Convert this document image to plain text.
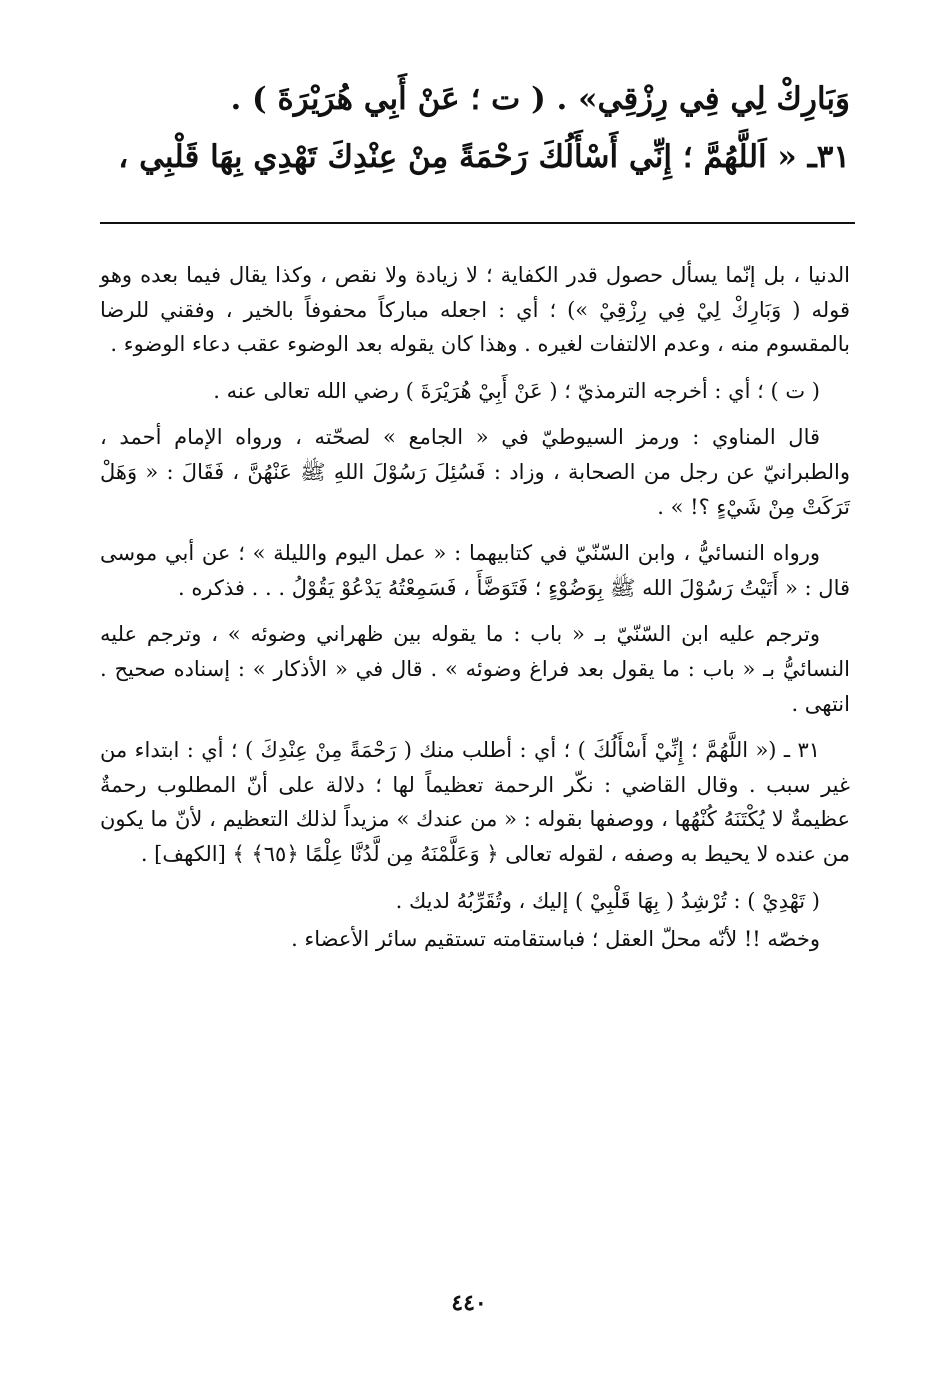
وَبَارِكْ لِي فِي رِزْقِي» . ( ت ؛ عَنْ أَبِي هُرَيْرَةَ ) .
٣١ـ « اَللَّهُمَّ ؛ إِنِّي أَسْأَلُكَ رَحْمَةً مِنْ عِنْدِكَ تَهْدِي بِهَا قَلْبِي ،

الدنيا ، بل إنّما يسأل حصول قدر الكفاية ؛ لا زيادة ولا نقص ، وكذا يقال فيما بعده وهو قوله ( وَبَارِكْ لِيْ فِي رِزْقِيْ ») ؛ أي : اجعله مباركاً محفوفاً بالخير ، وفقني للرضا بالمقسوم منه ، وعدم الالتفات لغيره . وهذا كان يقوله بعد الوضوء عقب دعاء الوضوء .

( ت ) ؛ أي : أخرجه الترمذيّ ؛ ( عَنْ أَبِيْ هُرَيْرَةَ ) رضي الله تعالى عنه .

قال المناوي : ورمز السيوطيّ في « الجامع » لصحّته ، ورواه الإمام أحمد ، والطبرانيّ عن رجل من الصحابة ، وزاد : فَسُئِلَ رَسُوْلَ اللهِ ﷺ عَنْهُنَّ ، فَقَالَ : « وَهَلْ تَرَكَتْ مِنْ شَيْءٍ ؟! » .

ورواه النسائيُّ ، وابن السّنّيّ في كتابيهما : « عمل اليوم والليلة » ؛ عن أبي موسى قال : « أَتَيْتُ رَسُوْلَ الله ﷺ بِوَضُوْءٍ ؛ فَتَوَضَّأَ ، فَسَمِعْتُهُ يَدْعُوْ يَقُوْلُ . . . فذكره .

وترجم عليه ابن السّنّيّ بـ « باب : ما يقوله بين ظهراني وضوئه » ، وترجم عليه النسائيُّ بـ « باب : ما يقول بعد فراغ وضوئه » . قال في « الأذكار » : إسناده صحيح . انتهى .

٣١ ـ (« اللَّهُمَّ ؛ إِنِّيْ أَسْأَلُكَ ) ؛ أي : أطلب منك ( رَحْمَةً مِنْ عِنْدِكَ ) ؛ أي : ابتداء من غير سبب . وقال القاضي : نكّر الرحمة تعظيماً لها ؛ دلالة على أنّ المطلوب رحمةٌ عظيمةٌ لا يُكْتَنَهُ كُنْهُها ، ووصفها بقوله : « من عندك » مزيداً لذلك التعظيم ، لأنّ ما يكون من عنده لا يحيط به وصفه ، لقوله تعالى ﴿ وَعَلَّمْنَهُ مِن لَّدُنَّا عِلْمًا ﴿٦٥﴾ ﴾ [الكهف] .

( تَهْدِيْ ) : تُرْشِدُ ( بِهَا قَلْبِيْ ) إليك ، وتُقَرِّبُهُ لديك .

وخصّه !! لأنّه محلّ العقل ؛ فباستقامته تستقيم سائر الأعضاء .

٤٤٠
